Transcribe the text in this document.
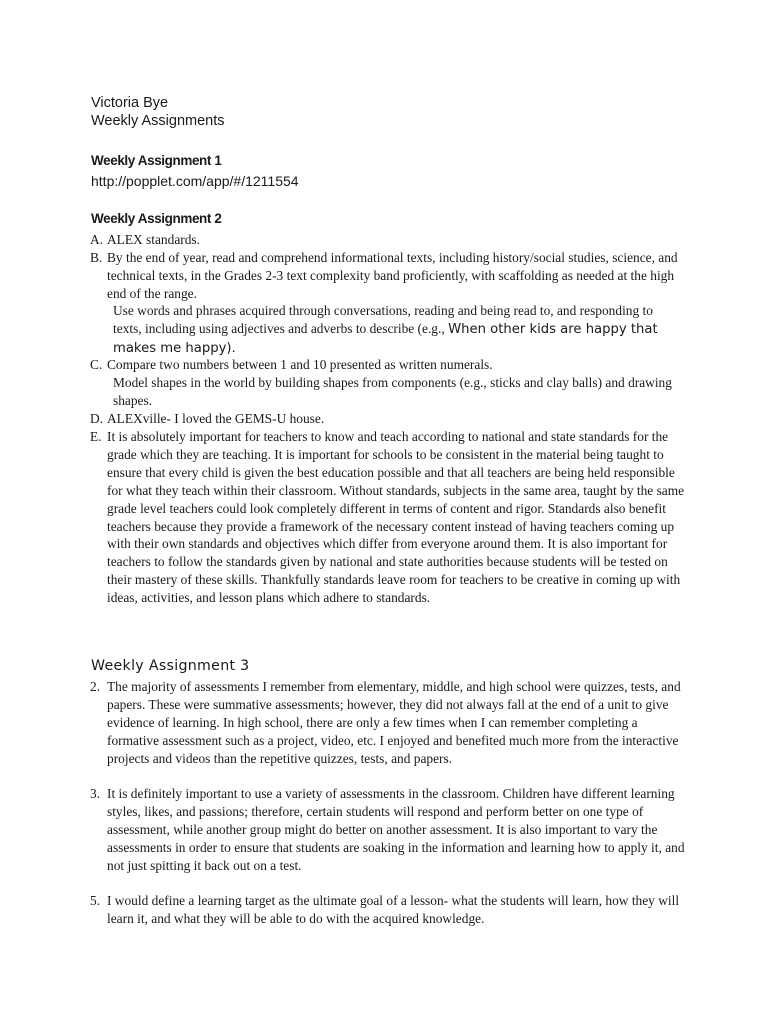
Victoria Bye
Weekly Assignments
Weekly Assignment 1
http://popplet.com/app/#/1211554
Weekly Assignment 2
A. ALEX standards.
B. By the end of year, read and comprehend informational texts, including history/social studies, science, and technical texts, in the Grades 2-3 text complexity band proficiently, with scaffolding as needed at the high end of the range.
Use words and phrases acquired through conversations, reading and being read to, and responding to texts, including using adjectives and adverbs to describe (e.g., When other kids are happy that makes me happy).
C. Compare two numbers between 1 and 10 presented as written numerals.
Model shapes in the world by building shapes from components (e.g., sticks and clay balls) and drawing shapes.
D. ALEXville- I loved the GEMS-U house.
E. It is absolutely important for teachers to know and teach according to national and state standards for the grade which they are teaching. It is important for schools to be consistent in the material being taught to ensure that every child is given the best education possible and that all teachers are being held responsible for what they teach within their classroom. Without standards, subjects in the same area, taught by the same grade level teachers could look completely different in terms of content and rigor. Standards also benefit teachers because they provide a framework of the necessary content instead of having teachers coming up with their own standards and objectives which differ from everyone around them. It is also important for teachers to follow the standards given by national and state authorities because students will be tested on their mastery of these skills. Thankfully standards leave room for teachers to be creative in coming up with ideas, activities, and lesson plans which adhere to standards.
Weekly Assignment 3
2. The majority of assessments I remember from elementary, middle, and high school were quizzes, tests, and papers. These were summative assessments; however, they did not always fall at the end of a unit to give evidence of learning. In high school, there are only a few times when I can remember completing a formative assessment such as a project, video, etc. I enjoyed and benefited much more from the interactive projects and videos than the repetitive quizzes, tests, and papers.
3. It is definitely important to use a variety of assessments in the classroom. Children have different learning styles, likes, and passions; therefore, certain students will respond and perform better on one type of assessment, while another group might do better on another assessment. It is also important to vary the assessments in order to ensure that students are soaking in the information and learning how to apply it, and not just spitting it back out on a test.
5. I would define a learning target as the ultimate goal of a lesson- what the students will learn, how they will learn it, and what they will be able to do with the acquired knowledge.
